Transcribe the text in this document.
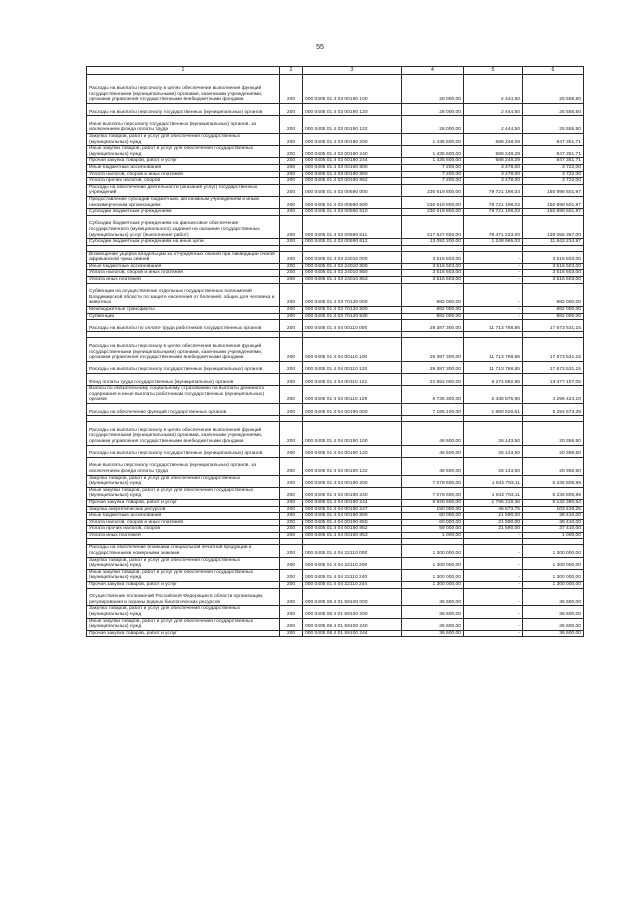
55
1	2	3	4	5	6
Расходы на выплаты персоналу в целях обеспечения выполнения функций государственными (муниципальными) органами, казенными учреждениями, органами управления государственными внебюджетными фондами	200	000 0405 01 4 03 00190 100	28 000,00	2 444,50	25 555,50
Расходы на выплаты персоналу государственных (муниципальных) органов	200	000 0405 01 4 03 00190 120	28 000,00	2 444,50	25 555,50
Иные выплаты персоналу государственных (муниципальных) органов, за исключением фонда оплаты труда	200	000 0405 01 4 03 00190 122	28 000,00	2 444,50	25 555,50
Закупка товаров, работ и услуг для обеспечения государственных (муниципальных) нужд	200	000 0405 01 4 03 00190 200	1 435 600,00	588 248,29	847 351,71
Иные закупки товаров, работ и услуг для обеспечения государственных (муниципальных) нужд	200	000 0405 01 4 03 00190 240	1 435 600,00	588 248,29	847 351,71
Прочая закупка товаров, работ и услуг	200	000 0405 01 4 03 00190 244	1 435 600,00	588 248,29	847 351,71
Иные бюджетные ассигнования	200	000 0405 01 4 03 00190 800	7 200,00	3 478,00	3 722,00
Уплата налогов, сборов и иных платежей	200	000 0405 01 4 03 00190 850	7 200,00	3 478,00	3 722,00
Уплата прочих налогов, сборов	200	000 0405 01 4 03 00190 852	7 200,00	3 478,00	3 722,00
Расходы на обеспечение деятельности (оказание услуг) государственных учреждений	200	000 0405 01 4 03 00590 000	230 619 800,00	79 721 198,03	150 898 601,97
Предоставление субсидий бюджетным, автономным учреждениям и иным некоммерческим организациям	200	000 0405 01 4 03 00590 600	230 619 800,00	79 721 198,03	150 898 601,97
Субсидии бюджетным учреждениям	200	000 0405 01 4 03 00590 610	230 619 800,00	79 721 198,03	150 898 601,97
Субсидии бюджетным учреждениям на финансовое обеспечение государственного (муниципального) задания на оказание государственных (муниципальных) услуг (выполнение работ)	200	000 0405 01 4 03 00590 611	217 527 600,00	78 471 233,00	139 056 367,00
Субсидии бюджетным учреждениям на иные цели	200	000 0405 01 4 03 00590 612	13 092 200,00	1 249 965,03	11 842 234,97

Возмещение ущерба владельцам за отчуждённых свиней при ликвидации очагов африканской чумы свиней	200	000 0405 01 4 03 24010 000	3 516 503,00	-	3 516 503,00
Иные бюджетные ассигнования	200	000 0405 01 4 03 24010 800	3 516 503,00	-	3 516 503,00
Уплата налогов, сборов и иных платежей	200	000 0405 01 4 03 24010 850	3 516 503,00	-	3 516 503,00
Уплата иных платежей	200	000 0405 01 4 03 24010 853	3 516 503,00	-	3 516 503,00
Субвенции на осуществление отдельных государственных полномочий Владимирской области по защите населения от болезней, общих для человека и животных	200	000 0405 01 4 03 70120 000	882 000,00	-	882 000,00
Межбюджетные трансферты	200	000 0405 01 4 03 70120 500	882 000,00	-	882 000,00
Субвенции	200	000 0405 01 4 03 70120 530	882 000,00	-	882 000,00
Расходы на выплаты по оплате труда работников государственных органов	200	000 0405 01 4 04 00110 000	29 387 300,00	11 713 768,85	17 673 531,15

Расходы на выплаты персоналу в целях обеспечения выполнения функций государственными (муниципальными) органами, казенными учреждениями, органами управления государственными внебюджетными фондами	200	000 0405 01 4 04 00110 100	29 387 300,00	11 713 768,85	17 673 531,15
Расходы на выплаты персоналу государственных (муниципальных) органов	200	000 0405 01 4 04 00110 120	29 387 300,00	11 713 768,85	17 673 531,15
Фонд оплаты труда государственных (муниципальных) органов	200	000 0405 01 4 04 00110 121	22 652 000,00	9 274 892,95	13 377 107,05
Взносы по обязательному социальному страхованию на выплаты денежного содержания и иные выплаты работникам государственных (муниципальных) органов	200	000 0405 01 4 04 00110 129	6 735 300,00	2 438 875,90	4 296 424,10
Расходы на обеспечение функций государственных органов	200	000 0405 01 4 04 00190 000	7 185 100,00	1 890 526,61	5 294 573,39

Расходы на выплаты персоналу в целях обеспечения выполнения функций государственными (муниципальными) органами, казенными учреждениями, органами управления государственными внебюджетными фондами	200	000 0405 01 4 04 00190 100	46 500,00	26 143,50	20 356,50
Расходы на выплаты персоналу государственных (муниципальных) органов	200	000 0405 01 4 04 00190 120	46 500,00	26 143,50	20 356,50
Иные выплаты персоналу государственных (муниципальных) органов, за исключением фонда оплаты труда	200	000 0405 01 4 04 00190 122	46 500,00	26 143,50	20 356,50
Закупка товаров, работ и услуг для обеспечения государственных (муниципальных) нужд	200	000 0405 01 4 04 00190 200	7 078 600,00	1 842 793,11	5 235 806,89
Иные закупки товаров, работ и услуг для обеспечения государственных (муниципальных) нужд	200	000 0405 01 4 04 00190 240	7 078 600,00	1 842 793,11	5 235 806,89
Прочая закупка товаров, работ и услуг	200	000 0405 01 4 04 00190 244	6 928 600,00	1 796 219,36	5 132 380,64
Закупка энергетических ресурсов	200	000 0405 01 4 04 00190 247	150 000,00	46 573,75	103 426,25
Иные бюджетные ассигнования	200	000 0405 01 4 04 00190 800	60 000,00	21 590,00	38 410,00
Уплата налогов, сборов и иных платежей	200	000 0405 01 4 04 00190 850	60 000,00	21 590,00	38 410,00
Уплата прочих налогов, сборов	200	000 0405 01 4 04 00190 852	59 000,00	21 590,00	37 410,00
Уплата иных платежей	200	000 0405 01 4 04 00190 853	1 000,00	-	1 000,00

Расходы на обеспечение бланками специальной печатной продукции и государственными номерными знаками	200	000 0405 01 4 04 22110 000	1 300 000,00	-	1 300 000,00
Закупка товаров, работ и услуг для обеспечения государственных (муниципальных) нужд	200	000 0405 01 4 04 22110 200	1 300 000,00	-	1 300 000,00
Иные закупки товаров, работ и услуг для обеспечения государственных (муниципальных) нужд	200	000 0405 01 4 04 22110 240	1 300 000,00	-	1 300 000,00
Прочая закупка товаров, работ и услуг	200	000 0405 01 4 04 22110 244	1 300 000,00	-	1 300 000,00
Осуществление полномочий Российской Федерации в области организации, регулирования и охраны водных биологических ресурсов	200	000 0405 06 4 01 59100 000	36 600,00	-	36 600,00
Закупка товаров, работ и услуг для обеспечения государственных (муниципальных) нужд	200	000 0405 06 4 01 59100 200	36 600,00	-	36 600,00
Иные закупки товаров, работ и услуг для обеспечения государственных (муниципальных) нужд	200	000 0405 06 4 01 59100 240	36 600,00	-	36 600,00
Прочая закупка товаров, работ и услуг	200	000 0405 06 4 01 59100 244	36 600,00	-	36 600,00
